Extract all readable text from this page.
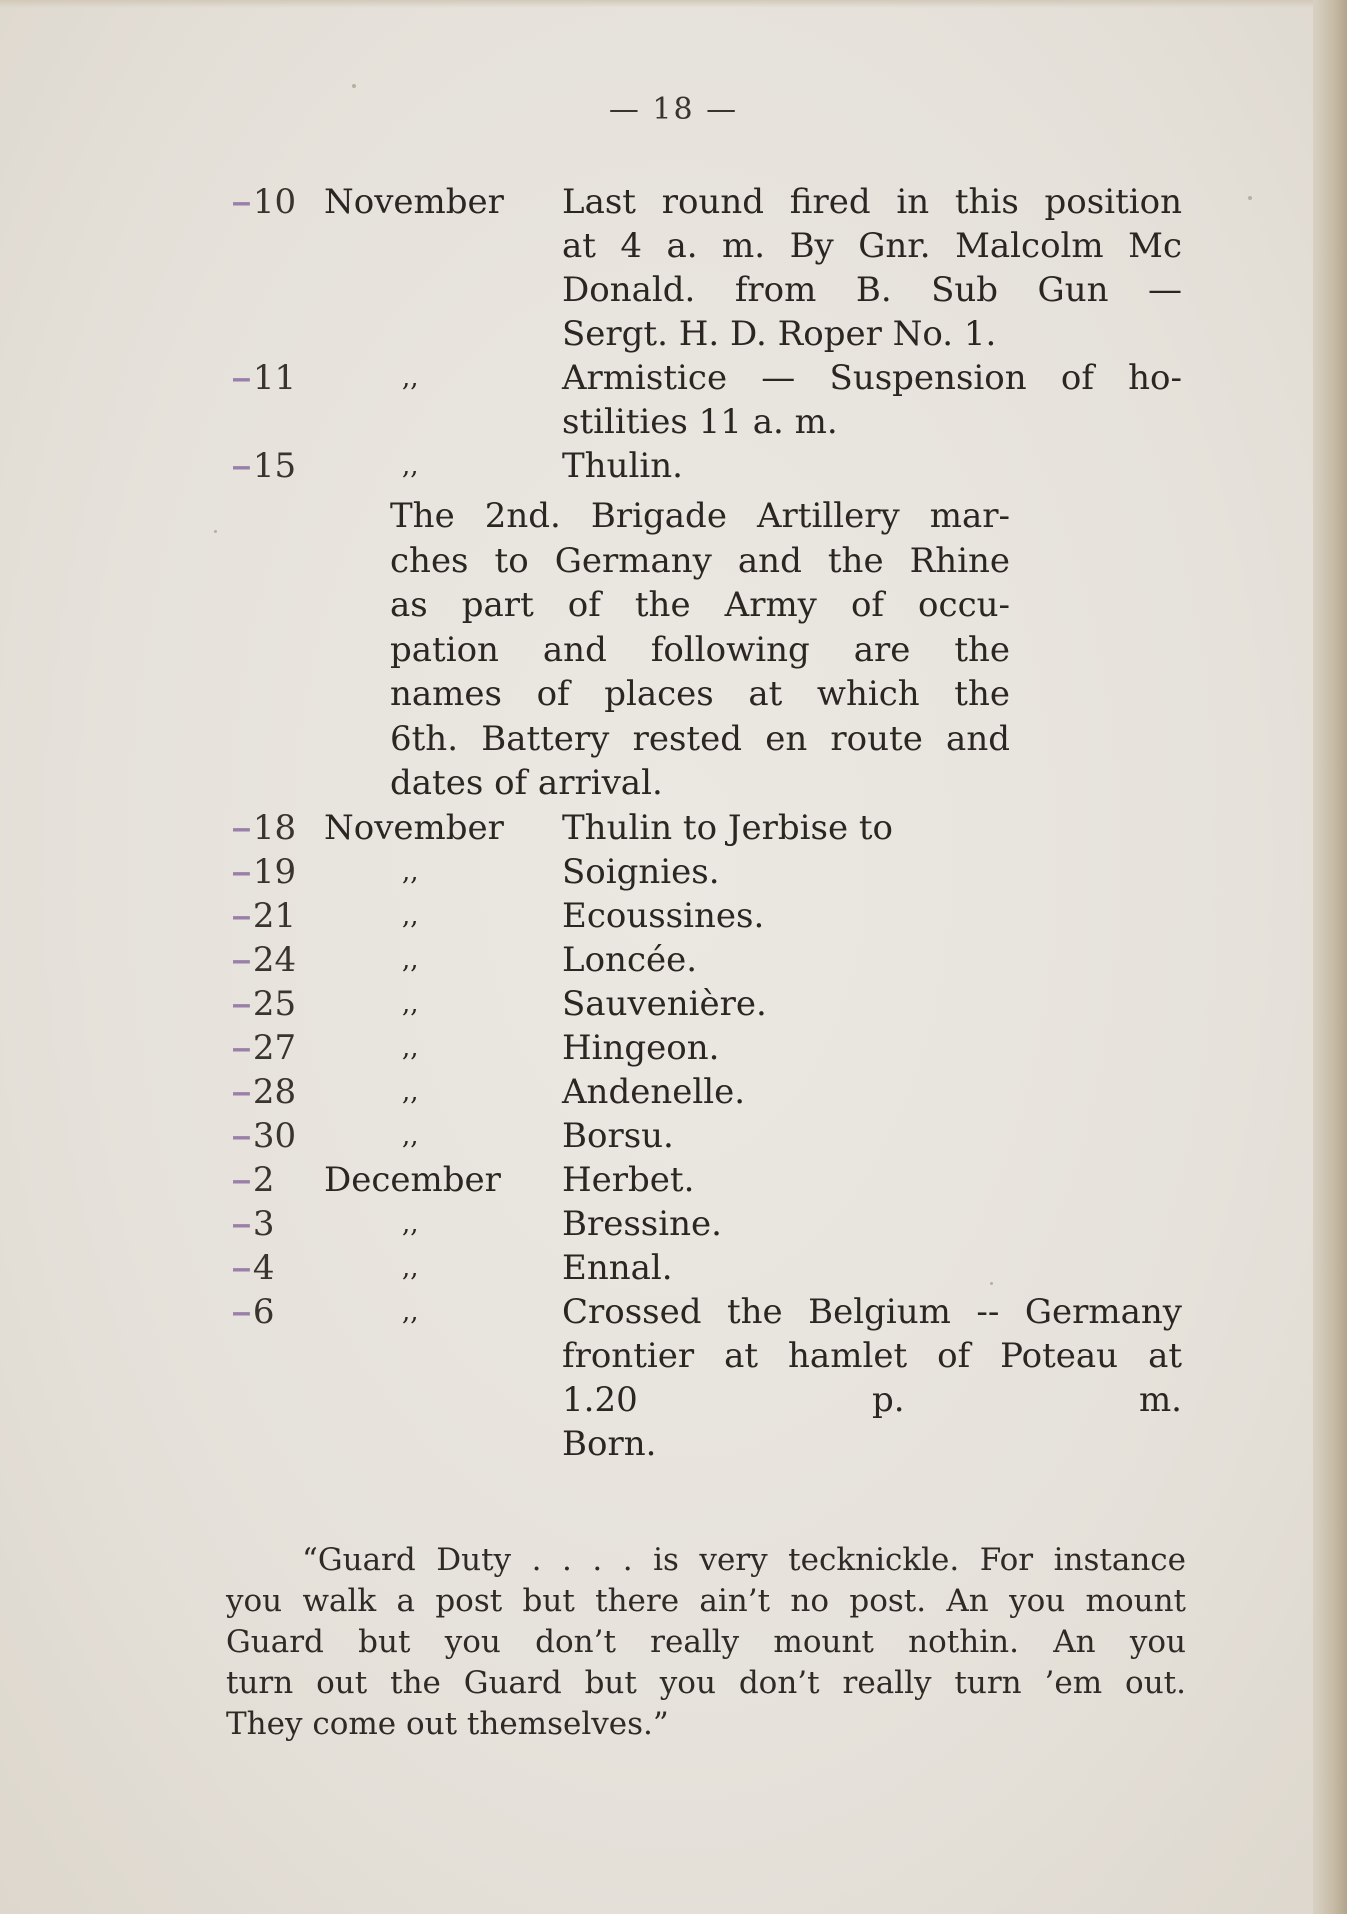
— 18 —
–10 November	Last round fired in this position
at 4 a. m. By Gnr. Malcolm Mc
Donald. from B. Sub Gun —
Sergt. H. D. Roper No. 1.
–11	,,	Armistice — Suspension of ho-
stilities 11 a. m.
–15	,,	Thulin.
The 2nd. Brigade Artillery mar-
ches to Germany and the Rhine
as part of the Army of occu-
pation and following are the
names of places at which the
6th. Battery rested en route and
dates of arrival.
–18 November	Thulin to Jerbise to
–19	,,	Soignies.
–21	,,	Ecoussines.
–24	,,	Loncée.
–25	,,	Sauvenière.
–27	,,	Hingeon.
–28	,,	Andenelle.
–30	,,	Borsu.
–2	December	Herbet.
–3	,,	Bressine.
–4	,,	Ennal.
–6	,,	Crossed the Belgium -- Germany
frontier at hamlet of Poteau at
1.20 p. m.
Born.
“Guard Duty . . . . is very tecknickle. For instance
you walk a post but there ain’t no post. An you mount
Guard but you don’t really mount nothin. An you
turn out the Guard but you don’t really turn ’em out.
They come out themselves.”
